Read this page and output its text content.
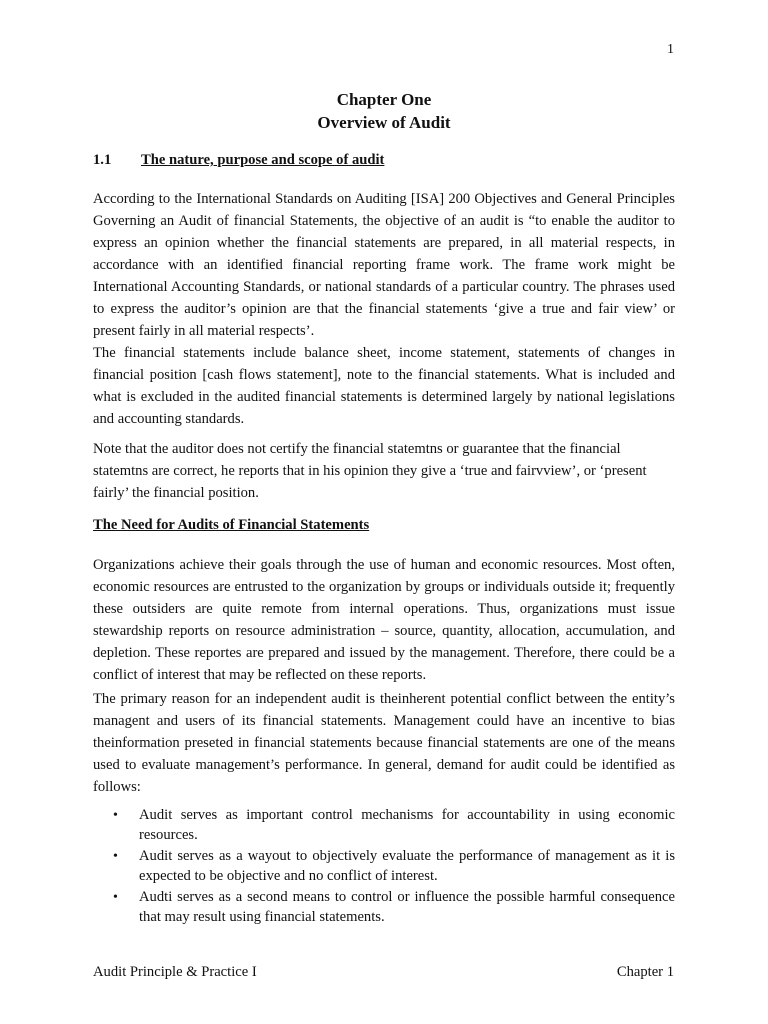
1
Chapter One
Overview of Audit
1.1 The nature, purpose and scope of audit

According to the International Standards on Auditing [ISA] 200 Objectives and General Principles Governing an Audit of financial Statements, the objective of an audit is “to enable the auditor to express an opinion whether the financial statements are prepared, in all material respects, in accordance with an identified financial reporting frame work. The frame work might be International Accounting Standards, or national standards of a particular country. The phrases used to express the auditor’s opinion are that the financial statements ‘give a true and fair view’ or present fairly in all material respects’.

The financial statements include balance sheet, income statement, statements of changes in financial position [cash flows statement], note to the financial statements. What is included and what is excluded in the audited financial statements is determined largely by national legislations and accounting standards.

Note that the auditor does not certify the financial statemtns or guarantee that the financial statemtns are correct, he reports that in his opinion they give a ‘true and fairvview’, or ‘present fairly’ the financial position.

The Need for Audits of Financial Statements

Organizations achieve their goals through the use of human and economic resources. Most often, economic resources are entrusted to the organization by groups or individuals outside it; frequently these outsiders are quite remote from internal operations. Thus, organizations must issue stewardship reports on resource administration – source, quantity, allocation, accumulation, and depletion. These reportes are prepared and issued by the management. Therefore, there could be a conflict of interest that may be reflected on these reports.

The primary reason for an independent audit is theinherent potential conflict between the entity’s managent and users of its financial statements. Management could have an incentive to bias theinformation preseted in financial statements because financial statements are one of the means used to evaluate management’s performance. In general, demand for audit could be identified as follows:

• Audit serves as important control mechanisms for accountability in using economic resources.
• Audit serves as a wayout to objectively evaluate the performance of management as it is expected to be objective and no conflict of interest.
• Audti serves as a second means to control or influence the possible harmful consequence that may result using financial statements.
Audit Principle & Practice I	Chapter 1
